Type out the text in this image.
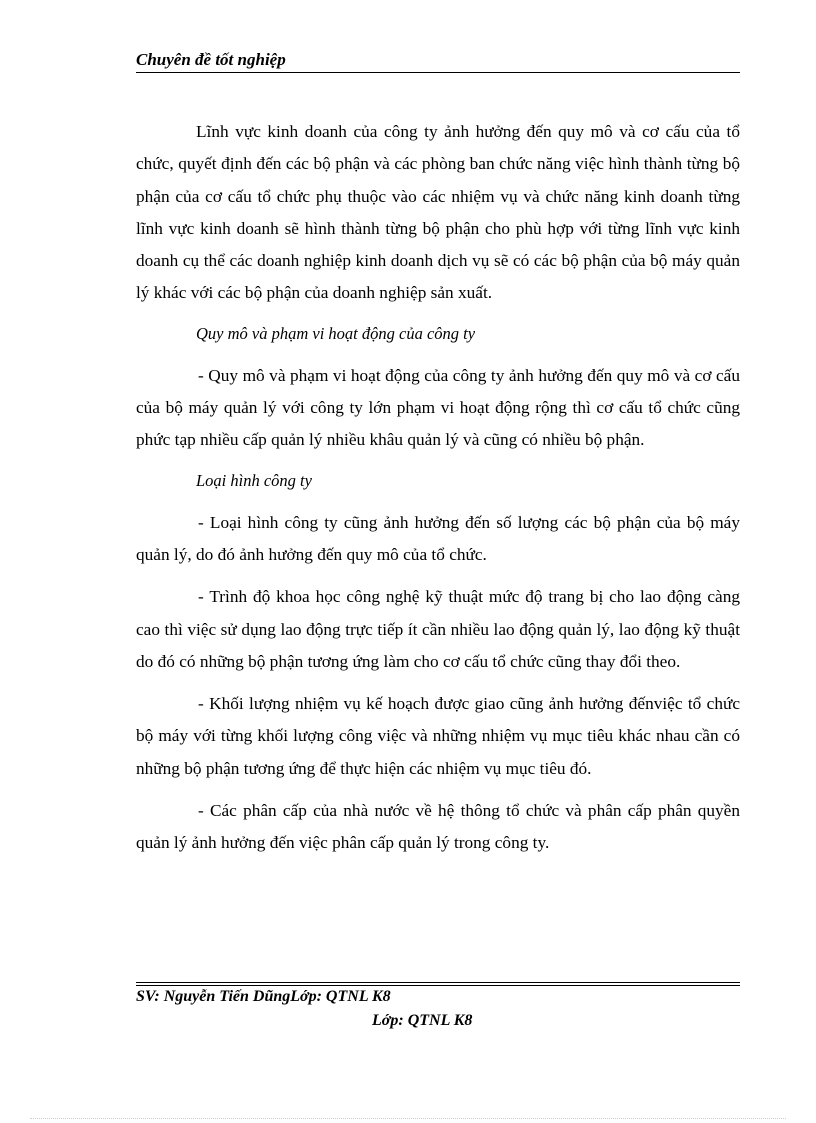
Chuyên đề tốt nghiệp

Lĩnh vực kinh doanh của công ty ảnh hưởng đến quy mô và cơ cấu của tổ chức, quyết định đến các bộ phận và các phòng ban chức năng việc hình thành từng bộ phận của cơ cấu tổ chức phụ thuộc vào các nhiệm vụ và chức năng kinh doanh từng lĩnh vực kinh doanh sẽ hình thành từng bộ phận cho phù hợp với từng lĩnh vực kinh doanh cụ thể các doanh nghiệp kinh doanh dịch vụ sẽ có các bộ phận của bộ máy quản lý khác với các bộ phận của doanh nghiệp sản xuất.

Quy mô và phạm vi hoạt động của công ty

- Quy mô và phạm vi hoạt động của công ty ảnh hưởng đến quy mô và cơ cấu của bộ máy quản lý với công ty lớn phạm vi hoạt động rộng thì cơ cấu tổ chức cũng phức tạp nhiều cấp quản lý nhiều khâu quản lý và cũng có nhiều bộ phận.

Loại hình công ty

- Loại hình công ty cũng ảnh hưởng đến số lượng các bộ phận của bộ máy quản lý, do đó ảnh hưởng đến quy mô của tổ chức.

- Trình độ khoa học công nghệ kỹ thuật mức độ trang bị cho lao động càng cao thì việc sử dụng lao động trực tiếp ít cần nhiều lao động quản lý, lao động kỹ thuật do đó có những bộ phận tương ứng làm cho cơ cấu tổ chức cũng thay đổi theo.

- Khối lượng nhiệm vụ kế hoạch được giao cũng ảnh hưởng đếnviệc tổ chức bộ máy với từng khối lượng công việc và những nhiệm vụ mục tiêu khác nhau cần có những bộ phận tương ứng để thực hiện các nhiệm vụ mục tiêu đó.

- Các phân cấp của nhà nước về hệ thông tổ chức và phân cấp phân quyền quản lý ảnh hưởng đến việc phân cấp quản lý trong công ty.

SV: Nguyễn Tiến DũngLớp: QTNL K8
Lớp: QTNL K8
